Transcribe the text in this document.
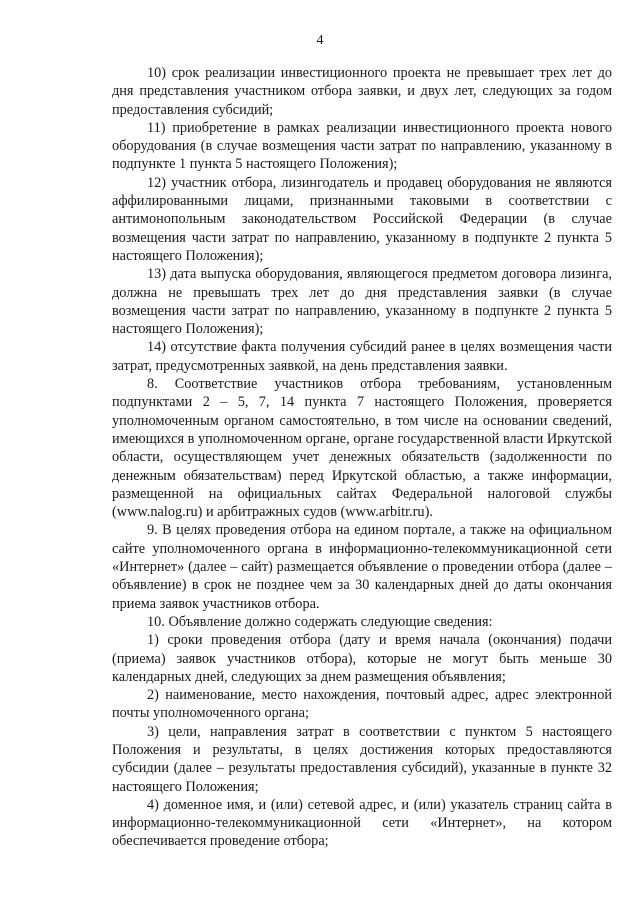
4

10) срок реализации инвестиционного проекта не превышает трех лет до дня представления участником отбора заявки, и двух лет, следующих за годом предоставления субсидий;

11) приобретение в рамках реализации инвестиционного проекта нового оборудования (в случае возмещения части затрат по направлению, указанному в подпункте 1 пункта 5 настоящего Положения);

12) участник отбора, лизингодатель и продавец оборудования не являются аффилированными лицами, признанными таковыми в соответствии с антимонопольным законодательством Российской Федерации (в случае возмещения части затрат по направлению, указанному в подпункте 2 пункта 5 настоящего Положения);

13) дата выпуска оборудования, являющегося предметом договора лизинга, должна не превышать трех лет до дня представления заявки (в случае возмещения части затрат по направлению, указанному в подпункте 2 пункта 5 настоящего Положения);

14) отсутствие факта получения субсидий ранее в целях возмещения части затрат, предусмотренных заявкой, на день представления заявки.

8. Соответствие участников отбора требованиям, установленным подпунктами 2 – 5, 7, 14 пункта 7 настоящего Положения, проверяется уполномоченным органом самостоятельно, в том числе на основании сведений, имеющихся в уполномоченном органе, органе государственной власти Иркутской области, осуществляющем учет денежных обязательств (задолженности по денежным обязательствам) перед Иркутской областью, а также информации, размещенной на официальных сайтах Федеральной налоговой службы (www.nalog.ru) и арбитражных судов (www.arbitr.ru).

9. В целях проведения отбора на едином портале, а также на официальном сайте уполномоченного органа в информационно-телекоммуникационной сети «Интернет» (далее – сайт) размещается объявление о проведении отбора (далее – объявление) в срок не позднее чем за 30 календарных дней до даты окончания приема заявок участников отбора.

10. Объявление должно содержать следующие сведения:

1) сроки проведения отбора (дату и время начала (окончания) подачи (приема) заявок участников отбора), которые не могут быть меньше 30 календарных дней, следующих за днем размещения объявления;

2) наименование, место нахождения, почтовый адрес, адрес электронной почты уполномоченного органа;

3) цели, направления затрат в соответствии с пунктом 5 настоящего Положения и результаты, в целях достижения которых предоставляются субсидии (далее – результаты предоставления субсидий), указанные в пункте 32 настоящего Положения;

4) доменное имя, и (или) сетевой адрес, и (или) указатель страниц сайта в информационно-телекоммуникационной сети «Интернет», на котором обеспечивается проведение отбора;
